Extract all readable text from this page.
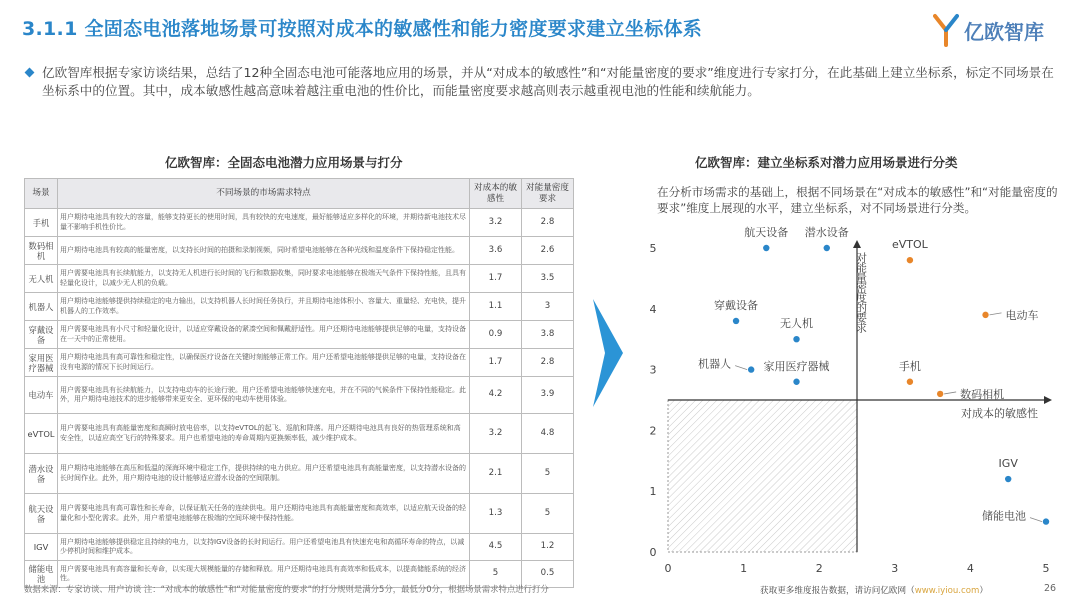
3.1.1 全固态电池落地场景可按照对成本的敏感性和能力密度要求建立坐标体系	亿欧智库
亿欧智库根据专家访谈结果，总结了12种全固态电池可能落地应用的场景，并从“对成本的敏感性”和“对能量密度的要求”维度进行专家打分，在此基础上建立坐标系，标定不同场景在坐标系中的位置。其中，成本敏感性越高意味着越注重电池的性价比，而能量密度要求越高则表示越重视电池的性能和续航能力。
亿欧智库：全固态电池潜力应用场景与打分	亿欧智库：建立坐标系对潜力应用场景进行分类
场景	不同场景的市场需求特点	对成本的敏感性	对能量密度要求
手机	用户期待电池具有较大的容量，能够支持更长的使用时间，具有较快的充电速度，最好能够适应多样化的环境，并期待新电池技术尽量不影响手机性价比。	3.2	2.8
数码相机	用户期待电池具有较高的能量密度，以支持长时间的拍摄和录制视频，同时希望电池能够在各种光线和温度条件下保持稳定性能。	3.6	2.6
无人机	用户需要电池具有长续航能力，以支持无人机进行长时间的飞行和数据收集，同时要求电池能够在极端天气条件下保持性能，且具有轻量化设计，以减少无人机的负载。	1.7	3.5
机器人	用户期待电池能够提供持续稳定的电力输出，以支持机器人长时间任务执行，并且期待电池体积小、容量大、重量轻、充电快，提升机器人的工作效率。	1.1	3
穿戴设备	用户需要电池具有小尺寸和轻量化设计，以适应穿戴设备的紧凑空间和佩戴舒适性。用户还期待电池能够提供足够的电量，支持设备在一天中的正常使用。	0.9	3.8
家用医疗器械	用户期待电池具有高可靠性和稳定性，以确保医疗设备在关键时刻能够正常工作。用户还希望电池能够提供足够的电量，支持设备在没有电源的情况下长时间运行。	1.7	2.8
电动车	用户需要电池具有长续航能力，以支持电动车的长途行驶。用户还希望电池能够快速充电，并在不同的气候条件下保持性能稳定。此外，用户期待电池技术的进步能够带来更安全、更环保的电动车使用体验。	4.2	3.9
eVTOL	用户需要电池具有高能量密度和高瞬时放电倍率，以支持eVTOL的起飞、巡航和降落。用户还期待电池具有良好的热管理系统和高安全性，以适应高空飞行的特殊要求。用户也希望电池的寿命周期内更换频率低，减少维护成本。	3.2	4.8
潜水设备	用户期待电池能够在高压和低温的深海环境中稳定工作，提供持续的电力供应。用户还希望电池具有高能量密度，以支持潜水设备的长时间作业。此外，用户期待电池的设计能够适应潜水设备的空间限制。	2.1	5
航天设备	用户需要电池具有高可靠性和长寿命，以保证航天任务的连续供电。用户还期待电池具有高能量密度和高效率，以适应航天设备的轻量化和小型化需求。此外，用户希望电池能够在极端的空间环境中保持性能。	1.3	5
IGV	用户期待电池能够提供稳定且持续的电力，以支持IGV设备的长时间运行。用户还希望电池具有快速充电和高循环寿命的特点，以减少停机时间和维护成本。	4.5	1.2
储能电池	用户需要电池具有高容量和长寿命，以实现大规模能量的存储和释放。用户还期待电池具有高效率和低成本，以提高储能系统的经济性。	5	0.5
在分析市场需求的基础上，根据不同场景在“对成本的敏感性”和“对能量密度的要求”维度上展现的水平，建立坐标系，对不同场景进行分类。
0	1	2	3	4	5
0
1
2
3
4
5
对成本的敏感性
对能量密度的要求
航天设备 潜水设备
eVTOL
电动车
穿戴设备
无人机
机器人	家用医疗器械	手机
数码相机
IGV
储能电池
数据来源：专家访谈、用户访谈 注：“对成本的敏感性”和“对能量密度的要求”的打分规则是满分5分，最低分0分，根据场景需求特点进行打分	获取更多维度报告数据，请访问亿欧网（www.iyiou.com）	26
